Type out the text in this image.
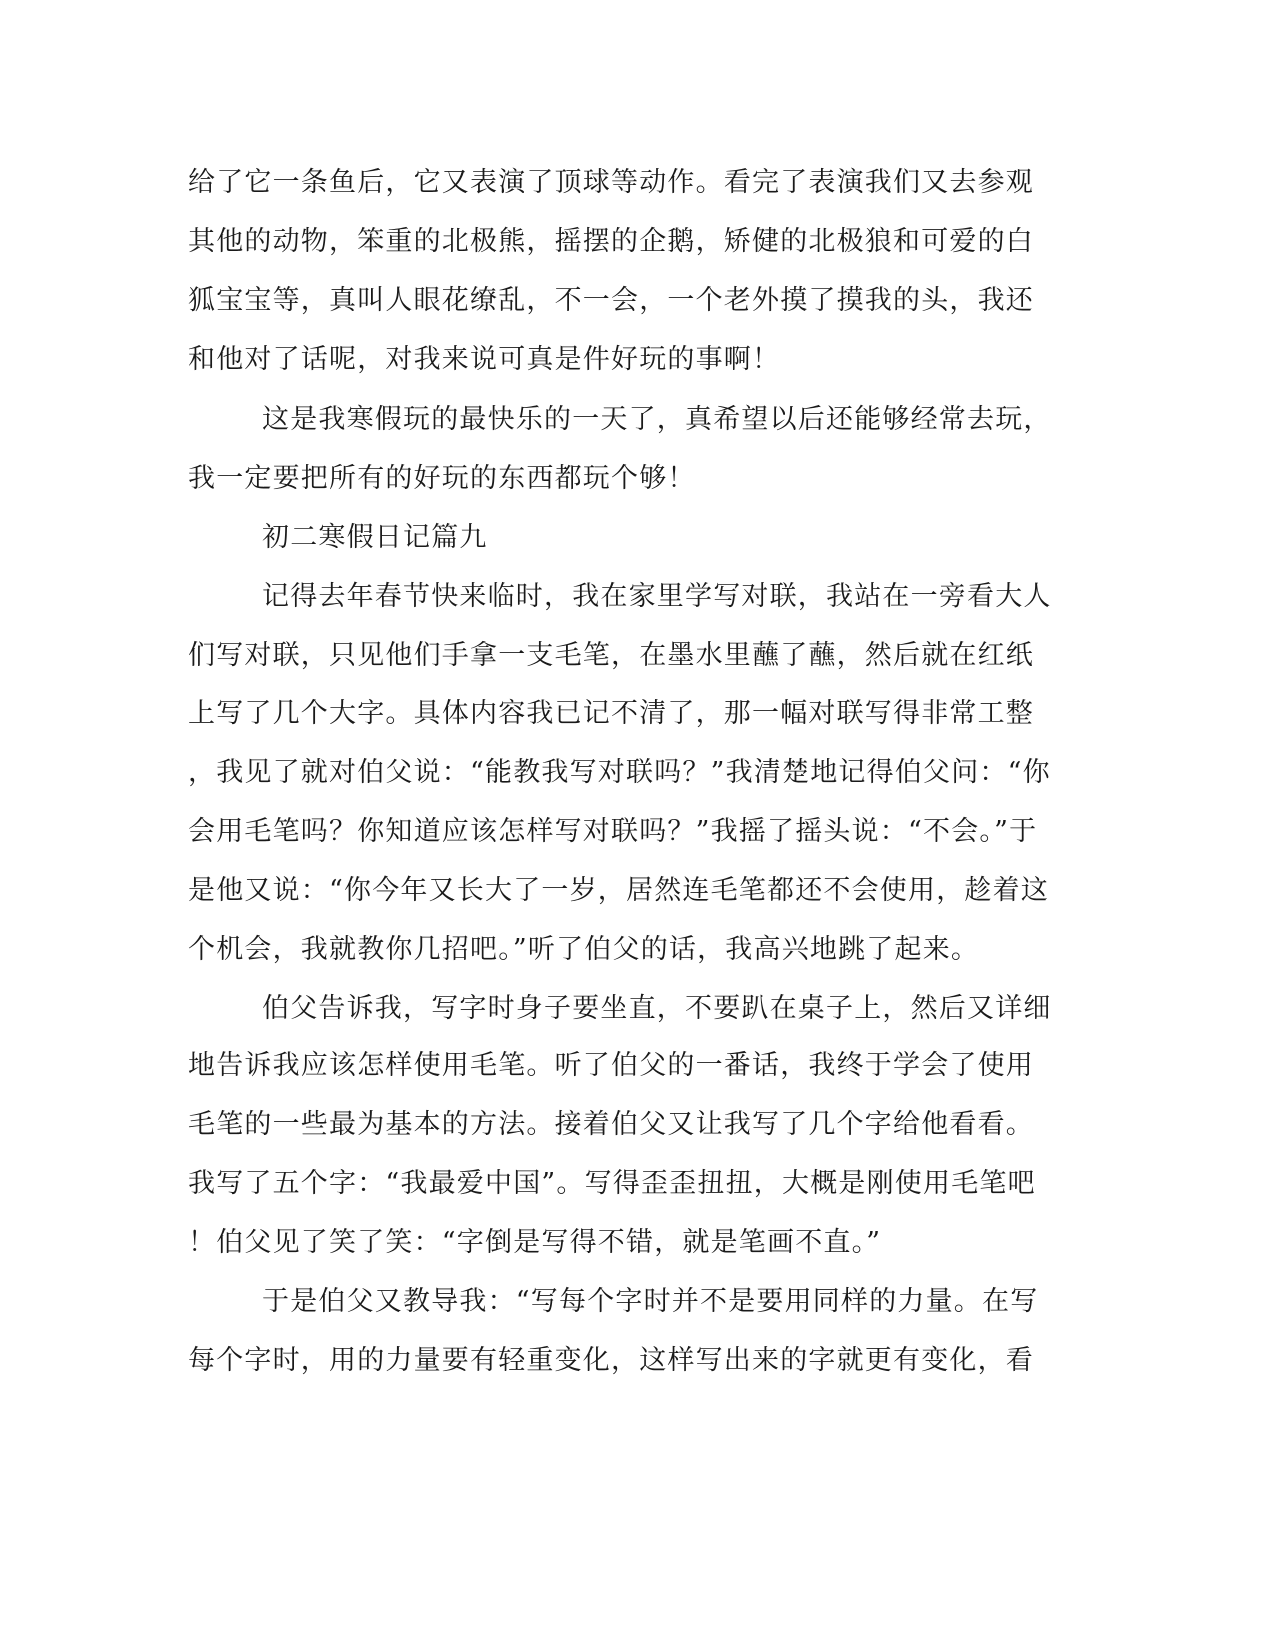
给了它一条鱼后，它又表演了顶球等动作。看完了表演我们又去参观
其他的动物，笨重的北极熊，摇摆的企鹅，矫健的北极狼和可爱的白
狐宝宝等，真叫人眼花缭乱，不一会，一个老外摸了摸我的头，我还
和他对了话呢，对我来说可真是件好玩的事啊！
这是我寒假玩的最快乐的一天了，真希望以后还能够经常去玩，
我一定要把所有的好玩的东西都玩个够！
初二寒假日记篇九
记得去年春节快来临时，我在家里学写对联，我站在一旁看大人
们写对联，只见他们手拿一支毛笔，在墨水里蘸了蘸，然后就在红纸
上写了几个大字。具体内容我已记不清了，那一幅对联写得非常工整
，我见了就对伯父说：“能教我写对联吗？”我清楚地记得伯父问：“你
会用毛笔吗？你知道应该怎样写对联吗？”我摇了摇头说：“不会。”于
是他又说：“你今年又长大了一岁，居然连毛笔都还不会使用，趁着这
个机会，我就教你几招吧。”听了伯父的话，我高兴地跳了起来。
伯父告诉我，写字时身子要坐直，不要趴在桌子上，然后又详细
地告诉我应该怎样使用毛笔。听了伯父的一番话，我终于学会了使用
毛笔的一些最为基本的方法。接着伯父又让我写了几个字给他看看。
我写了五个字：“我最爱中国”。写得歪歪扭扭，大概是刚使用毛笔吧
！伯父见了笑了笑：“字倒是写得不错，就是笔画不直。”
于是伯父又教导我：“写每个字时并不是要用同样的力量。在写
每个字时，用的力量要有轻重变化，这样写出来的字就更有变化，看
